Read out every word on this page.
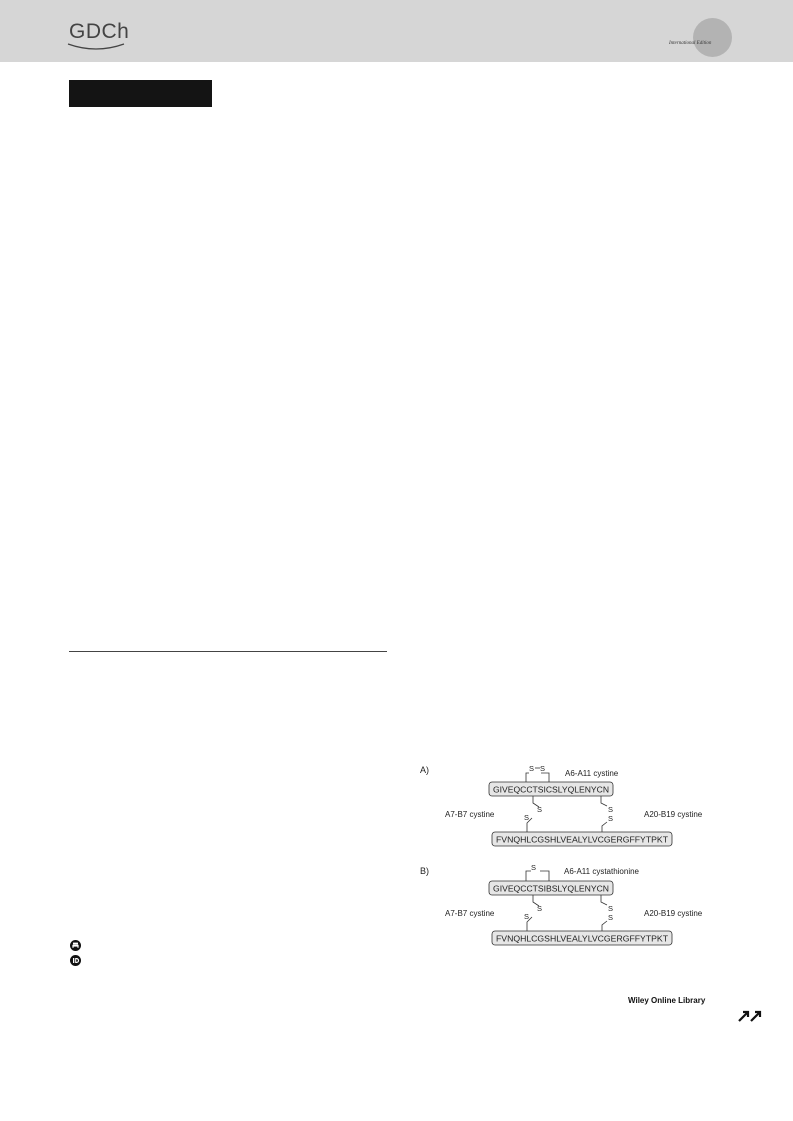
GDCh
International Edition
A)
GIVEQCCTSICSLYQLENYCN
FVNQHLCGSHLVEALYLVCGERGFFYTPKT
S S
A6-A11 cystine
S
S
A7-B7 cystine
S
S	A20-B19 cystine
B)
GIVEQCCTSIBSLYQLENYCN
FVNQHLCGSHLVEALYLVCGERGFFYTPKT
S	A6-A11 cystathionine
S
S
A7-B7 cystine
S
S	A20-B19 cystine
Wiley Online Library
